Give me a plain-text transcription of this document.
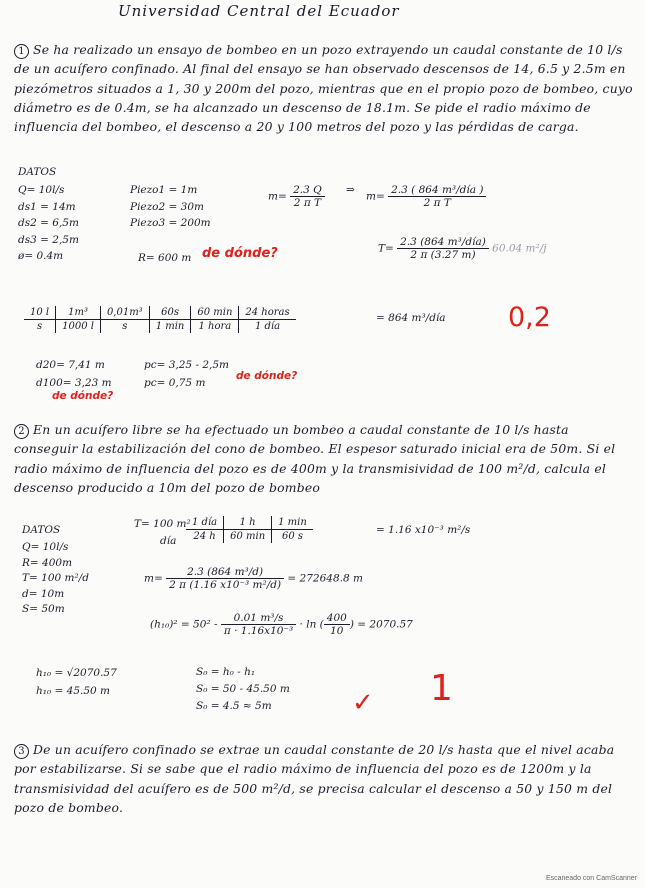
Universidad Central del Ecuador
1 Se ha realizado un ensayo de bombeo en un pozo extrayendo un caudal constante de 10 l/s de un acuífero confinado. Al final del ensayo se han observado descensos de 14, 6.5 y 2.5m en piezómetros situados a 1, 30 y 200m del pozo, mientras que en el propio pozo de bombeo, cuyo diámetro es de 0.4m, se ha alcanzado un descenso de 18.1m. Se pide el radio máximo de influencia del bombeo, el descenso a 20 y 100 metros del pozo y las pérdidas de carga.
DATOS
Q= 10l/s
ds1 = 14m
ds2 = 6,5m
ds3 = 2,5m
ø= 0.4m
Piezo1 = 1m
Piezo2 = 30m
Piezo3 = 200m
R= 600 m de dónde?
$m= \frac{2.3 Q}{\text{2 π T}}$ ⇒
$m= \frac{\text{2.3 ( 864 m³/día )}}{\text{2 π T}}$
$T= \frac{\text{2.3 (864 m³/día)}}{2 \pi (3.27 m)} 60.04$ m²/j
10 l	1m³	0,01m³	60s	60 min	24 horas
s	1000 l	s	1 min	1 hora	1 día
= 864 m³/día 0,2
d20= 7,41 m
d100= 3,23 m
de dónde?
pc= 3,25 - 2,5m
pc= 0,75 m
de dónde?
2 En un acuífero libre se ha efectuado un bombeo a caudal constante de 10 l/s hasta conseguir la estabilización del cono de bombeo. El espesor saturado inicial era de 50m. Si el radio máximo de influencia del pozo es de 400m y la transmisividad de 100 m²/d, calcula el descenso producido a 10m del pozo de bombeo
DATOS
Q= 10l/s
R= 400m
T= 100 m²/d
d= 10m
S= 50m
T= 100 m² 1 día	1 h	1 min
24 h	60 min	60 s
día
= 1.16 x10⁻³ m²/s
$m= \frac{\text{2.3 (864 m³/d)}}{\text{2 π (1.16 x10⁻³ m²/d)}} = 272648.8$ m
$(h_{10})^2 = 50^2 - \frac{\text{0.01 m³/s}}{\text{π · 1.16x10⁻³}} \cdot \ln$ ( $\frac{400}{10}$ ) = 2070.57
h₁₀ = √2070.57
h₁₀ = 45.50 m
S₀ = h₀ - h₁
S₀ = 50 - 45.50 m
S₀ = 4.5 ≈ 5m	✓ 1
3 De un acuífero confinado se extrae un caudal constante de 20 l/s hasta que el nivel acaba por estabilizarse. Si se sabe que el radio máximo de influencia del pozo es de 1200m y la transmisividad del acuífero es de 500 m²/d, se precisa calcular el descenso a 50 y 150 m del pozo de bombeo.
Escaneado con CamScanner
